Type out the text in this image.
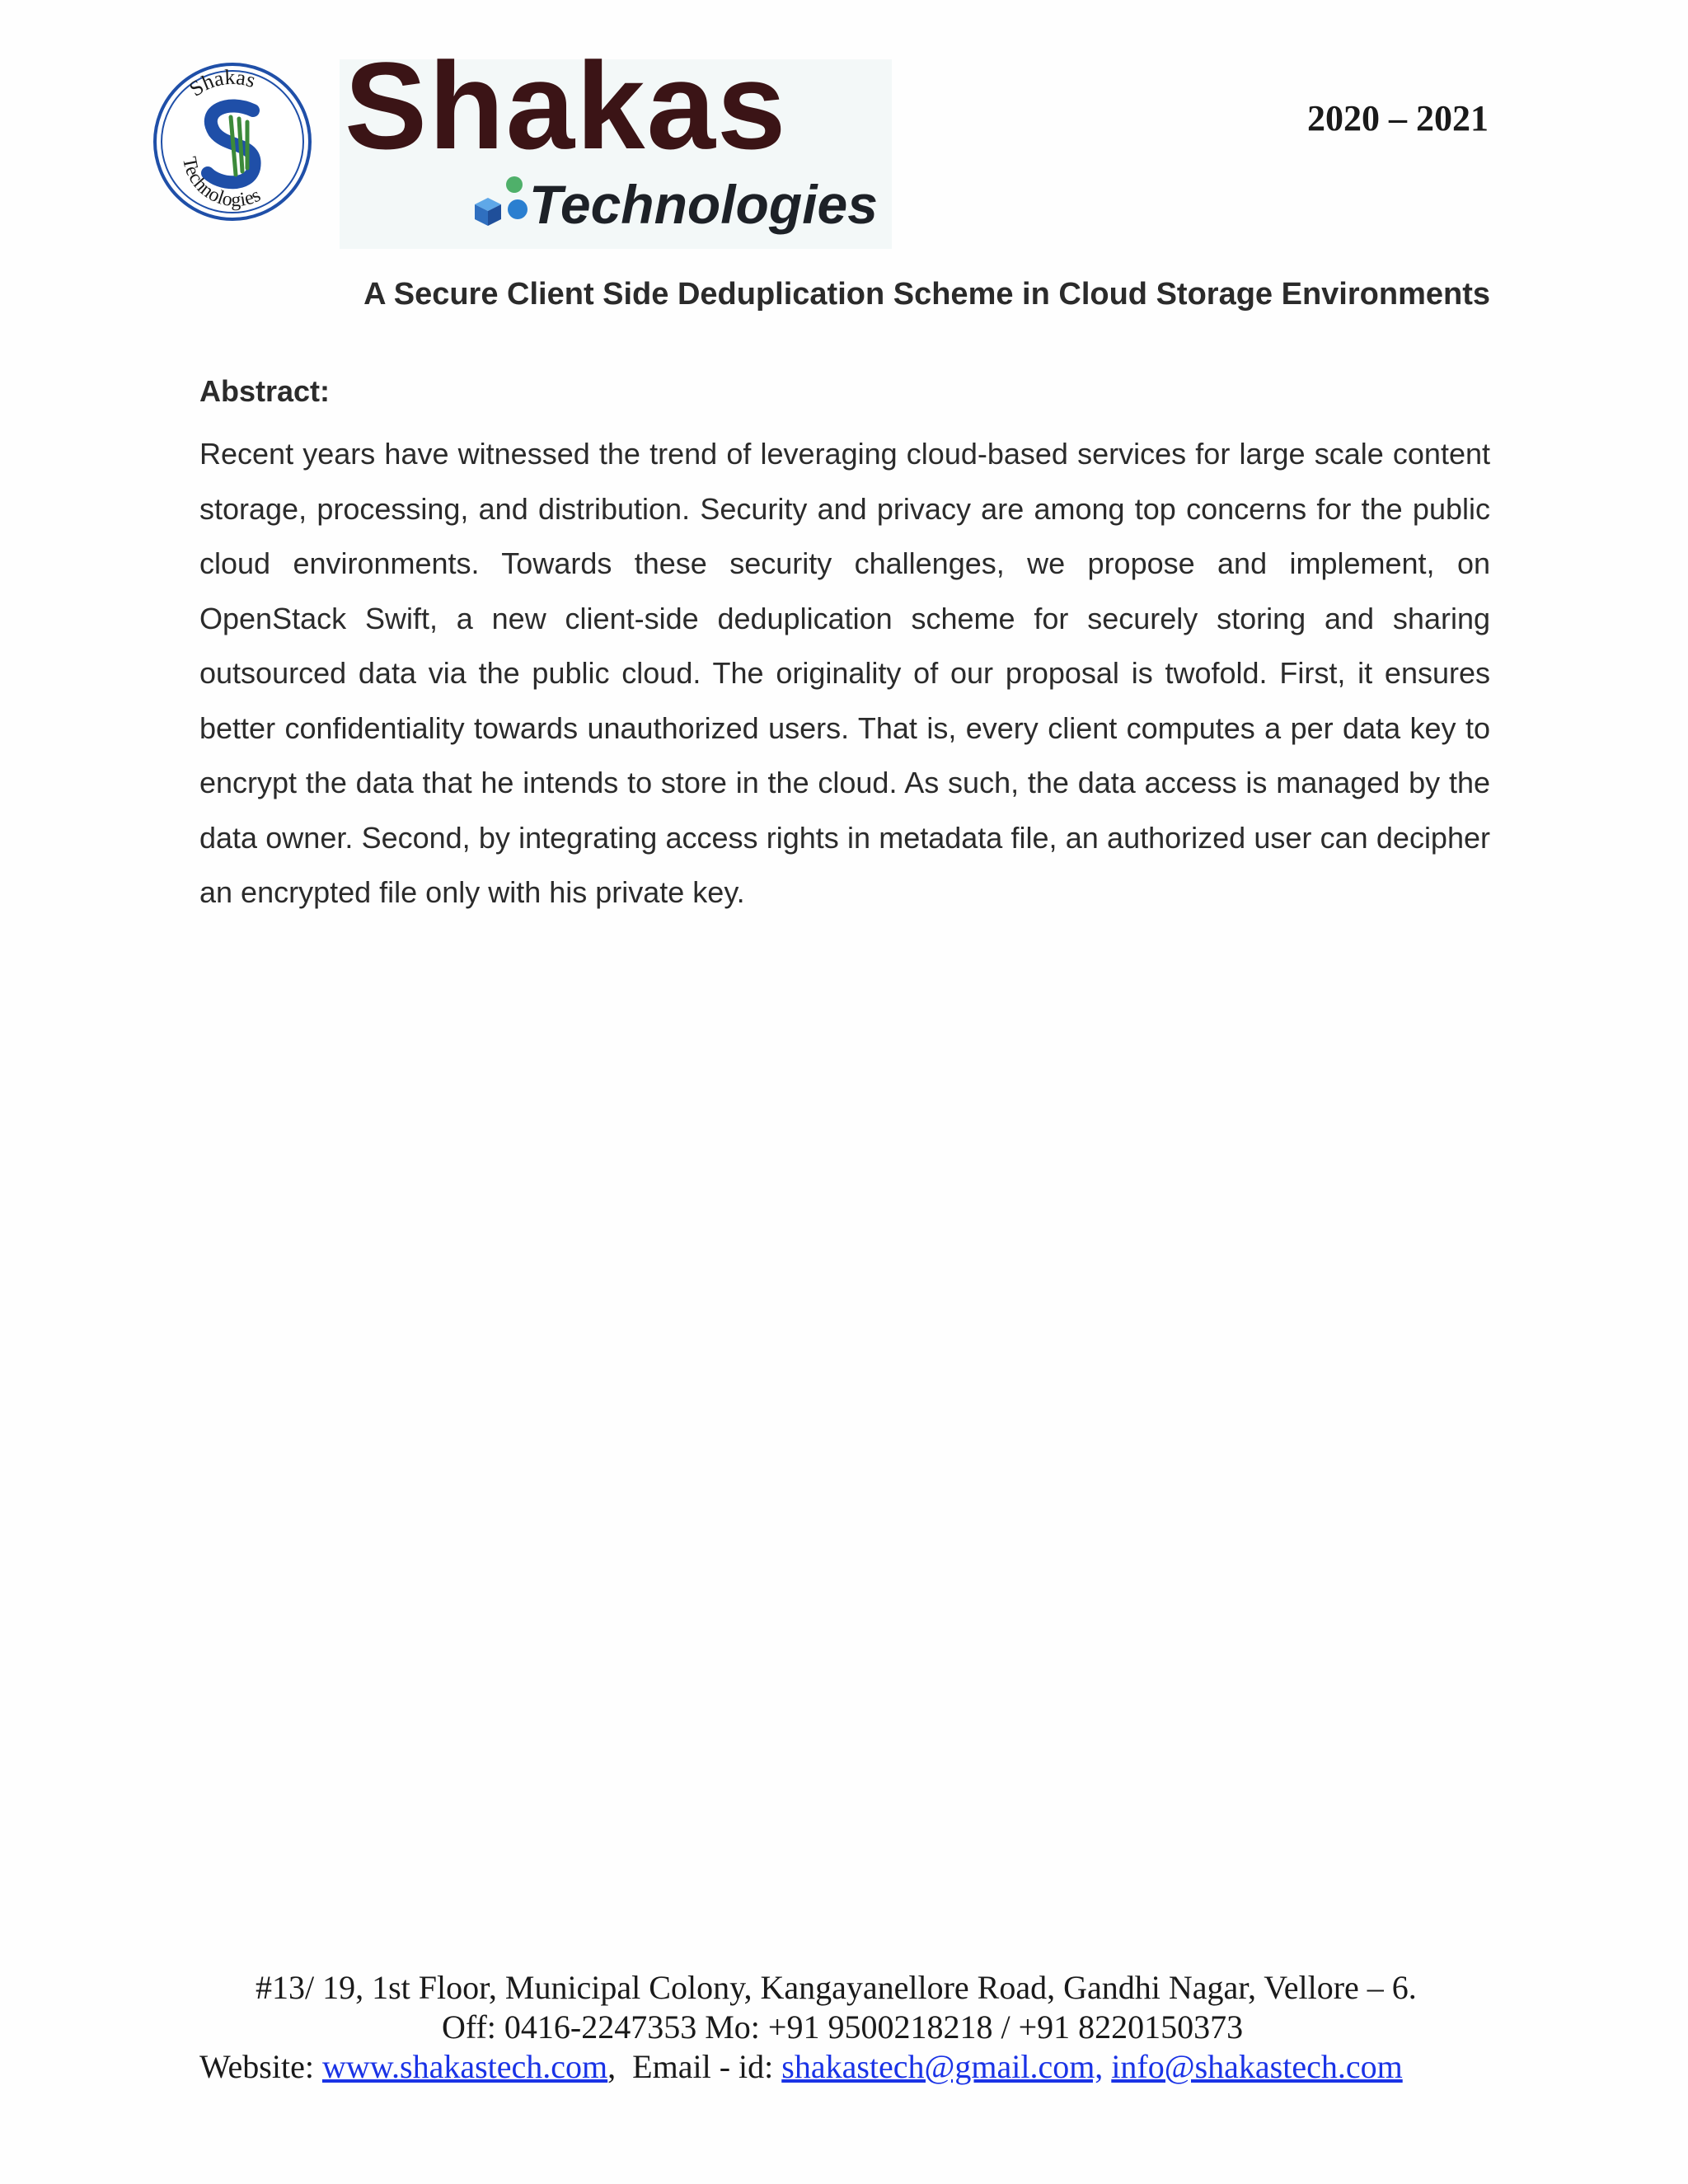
Shakas
Technologies
Shakas
Technologies
2020 – 2021
A Secure Client Side Deduplication Scheme in Cloud Storage Environments
Abstract:

Recent years have witnessed the trend of leveraging cloud-based services for large scale content storage, processing, and distribution. Security and privacy are among top concerns for the public cloud environments. Towards these security challenges, we propose and implement, on OpenStack Swift, a new client-side deduplication scheme for securely storing and sharing outsourced data via the public cloud. The originality of our proposal is twofold. First, it ensures better confidentiality towards unauthorized users. That is, every client computes a per data key to encrypt the data that he intends to store in the cloud. As such, the data access is managed by the data owner. Second, by integrating access rights in metadata file, an authorized user can decipher an encrypted file only with his private key.

#13/ 19, 1st Floor, Municipal Colony, Kangayanellore Road, Gandhi Nagar, Vellore – 6.
Off: 0416-2247353 Mo: +91 9500218218 / +91 8220150373
Website: www.shakastech.com, Email - id: shakastech@gmail.com, info@shakastech.com
